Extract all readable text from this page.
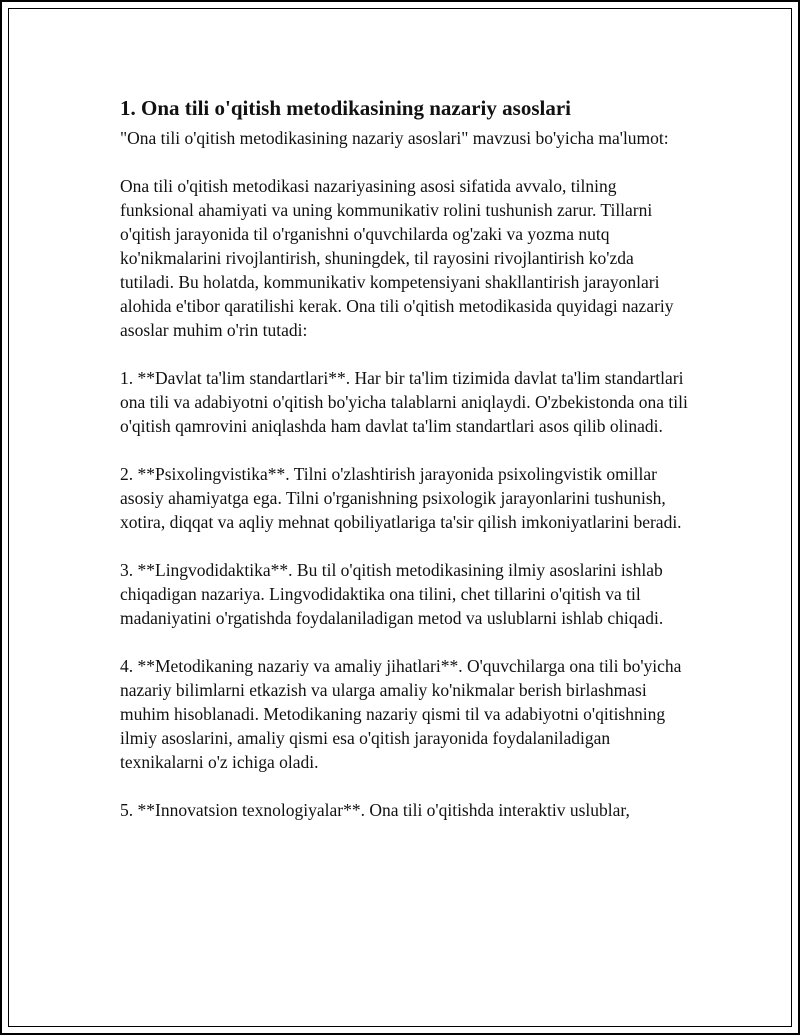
1. Ona tili o'qitish metodikasining nazariy asoslari

"Ona tili o'qitish metodikasining nazariy asoslari" mavzusi bo'yicha ma'lumot:

Ona tili o'qitish metodikasi nazariyasining asosi sifatida avvalo, tilning funksional ahamiyati va uning kommunikativ rolini tushunish zarur. Tillarni o'qitish jarayonida til o'rganishni o'quvchilarda og'zaki va yozma nutq ko'nikmalarini rivojlantirish, shuningdek, til rayosini rivojlantirish ko'zda tutiladi. Bu holatda, kommunikativ kompetensiyani shakllantirish jarayonlari alohida e'tibor qaratilishi kerak. Ona tili o'qitish metodikasida quyidagi nazariy asoslar muhim o'rin tutadi:

1. **Davlat ta'lim standartlari**. Har bir ta'lim tizimida davlat ta'lim standartlari ona tili va adabiyotni o'qitish bo'yicha talablarni aniqlaydi. O'zbekistonda ona tili o'qitish qamrovini aniqlashda ham davlat ta'lim standartlari asos qilib olinadi.

2. **Psixolingvistika**. Tilni o'zlashtirish jarayonida psixolingvistik omillar asosiy ahamiyatga ega. Tilni o'rganishning psixologik jarayonlarini tushunish, xotira, diqqat va aqliy mehnat qobiliyatlariga ta'sir qilish imkoniyatlarini beradi.

3. **Lingvodidaktika**. Bu til o'qitish metodikasining ilmiy asoslarini ishlab chiqadigan nazariya. Lingvodidaktika ona tilini, chet tillarini o'qitish va til madaniyatini o'rgatishda foydalaniladigan metod va uslublarni ishlab chiqadi.

4. **Metodikaning nazariy va amaliy jihatlari**. O'quvchilarga ona tili bo'yicha nazariy bilimlarni etkazish va ularga amaliy ko'nikmalar berish birlashmasi muhim hisoblanadi. Metodikaning nazariy qismi til va adabiyotni o'qitishning ilmiy asoslarini, amaliy qismi esa o'qitish jarayonida foydalaniladigan texnikalarni o'z ichiga oladi.

5. **Innovatsion texnologiyalar**. Ona tili o'qitishda interaktiv uslublar,
